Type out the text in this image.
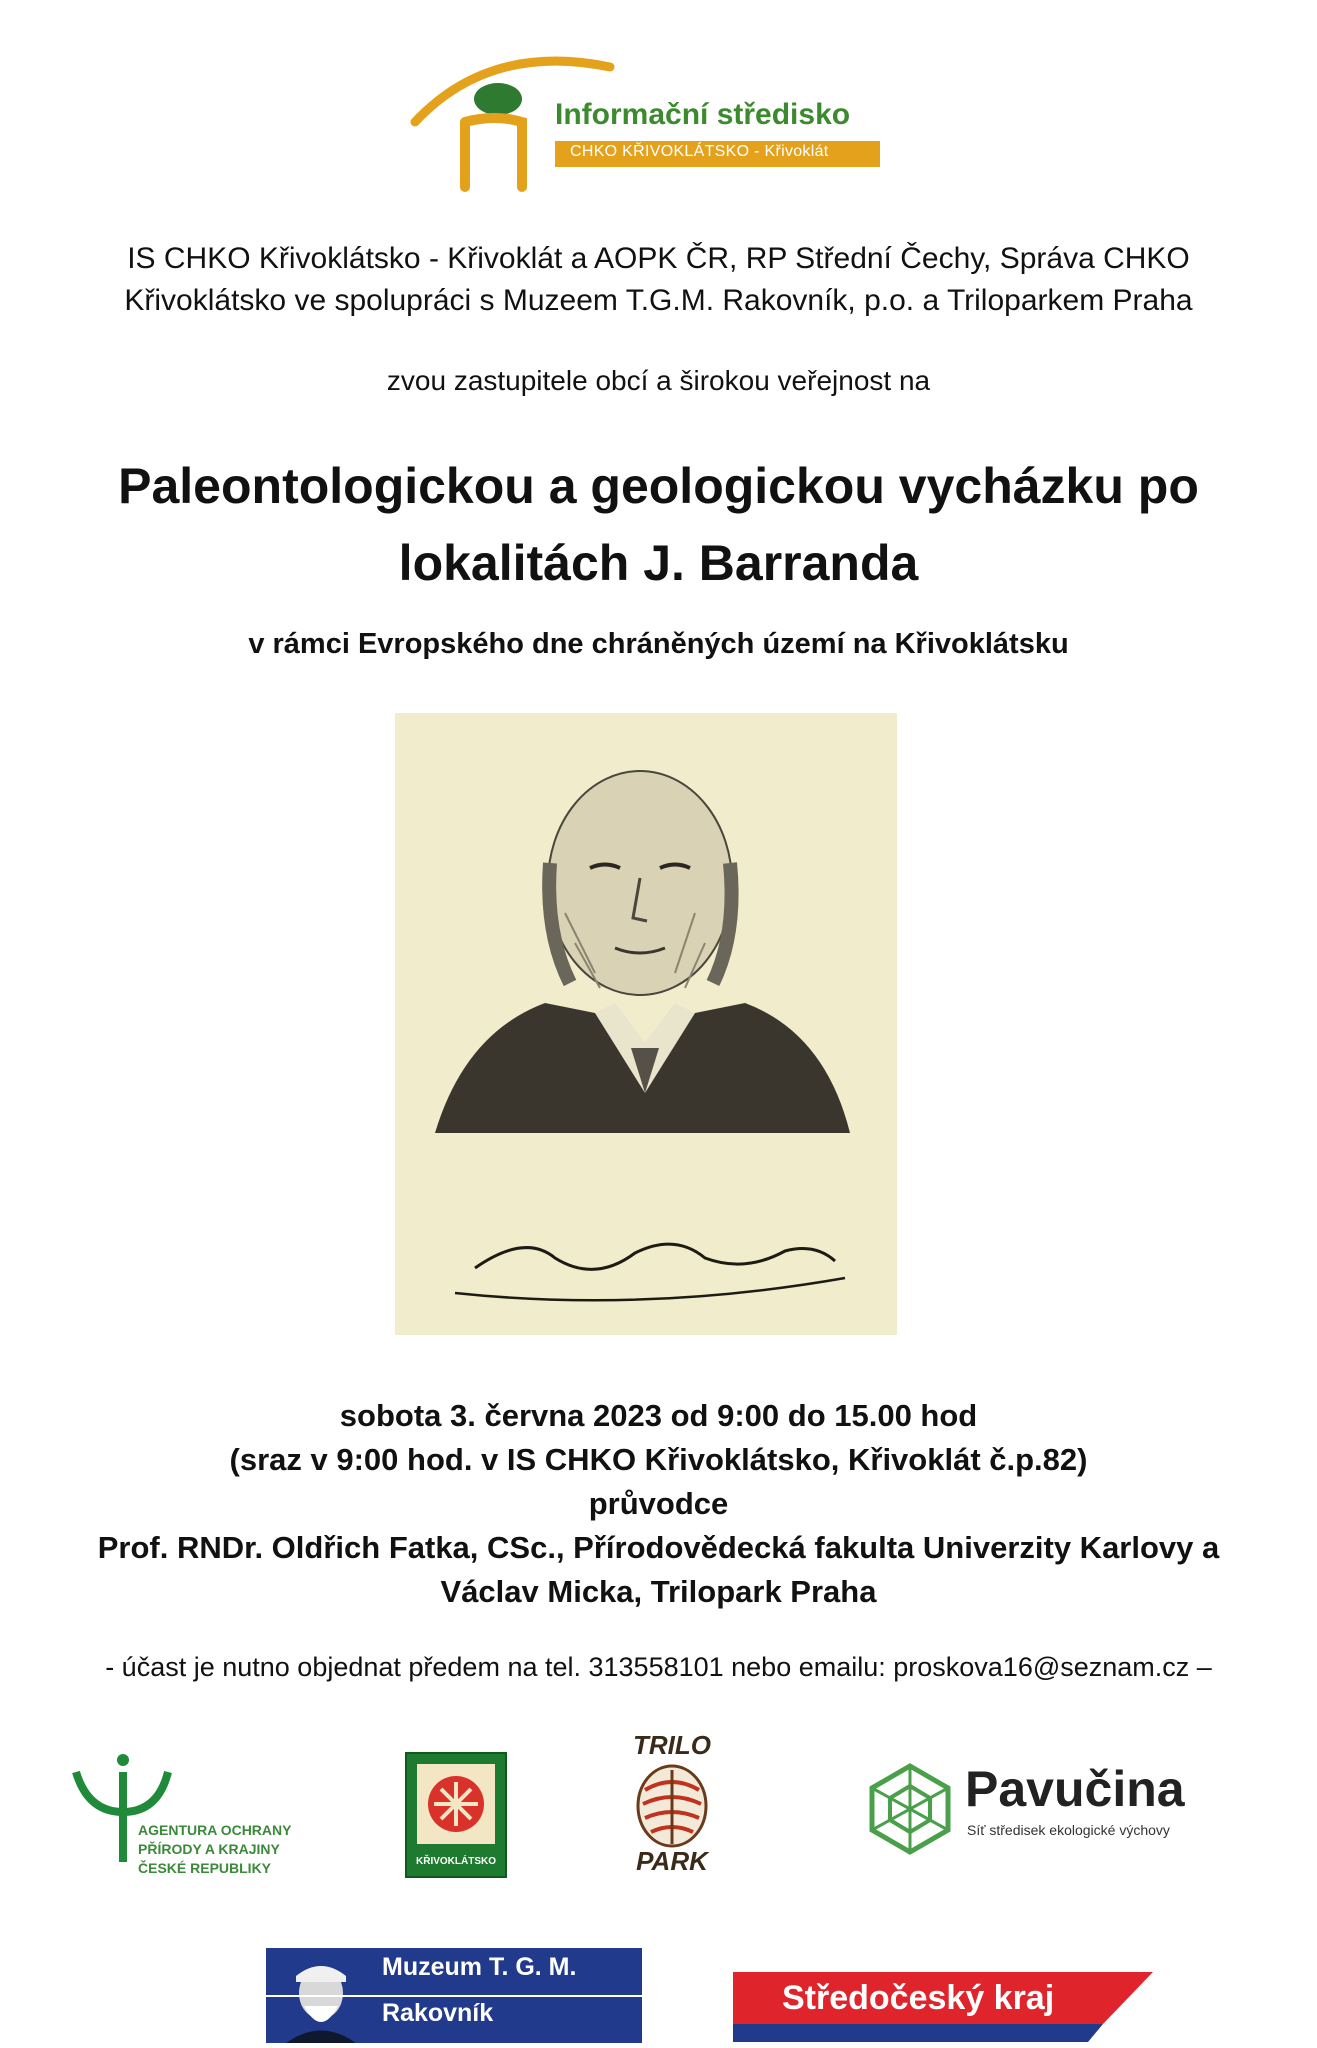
Informační středisko
CHKO KŘIVOKLÁTSKO - Křivoklát
IS CHKO Křivoklátsko - Křivoklát a AOPK ČR, RP Střední Čechy, Správa CHKO
Křivoklátsko ve spolupráci s Muzeem T.G.M. Rakovník, p.o. a Triloparkem Praha
zvou zastupitele obcí a širokou veřejnost na
Paleontologickou a geologickou vycházku po
lokalitách J. Barranda
v rámci Evropského dne chráněných území na Křivoklátsku
sobota 3. června 2023 od 9:00 do 15.00 hod
(sraz v 9:00 hod. v IS CHKO Křivoklátsko, Křivoklát č.p.82)
průvodce
Prof. RNDr. Oldřich Fatka, CSc., Přírodovědecká fakulta Univerzity Karlovy a
Václav Micka, Trilopark Praha
- účast je nutno objednat předem na tel. 313558101 nebo emailu: proskova16@seznam.cz –
AGENTURA OCHRANY
PŘÍRODY A KRAJINY
ČESKÉ REPUBLIKY	KŘIVOKLÁTSKO
TRILO
PARK
Pavučina
Síť středisek ekologické výchovy
Muzeum T. G. M.
Rakovník	Středočeský kraj
